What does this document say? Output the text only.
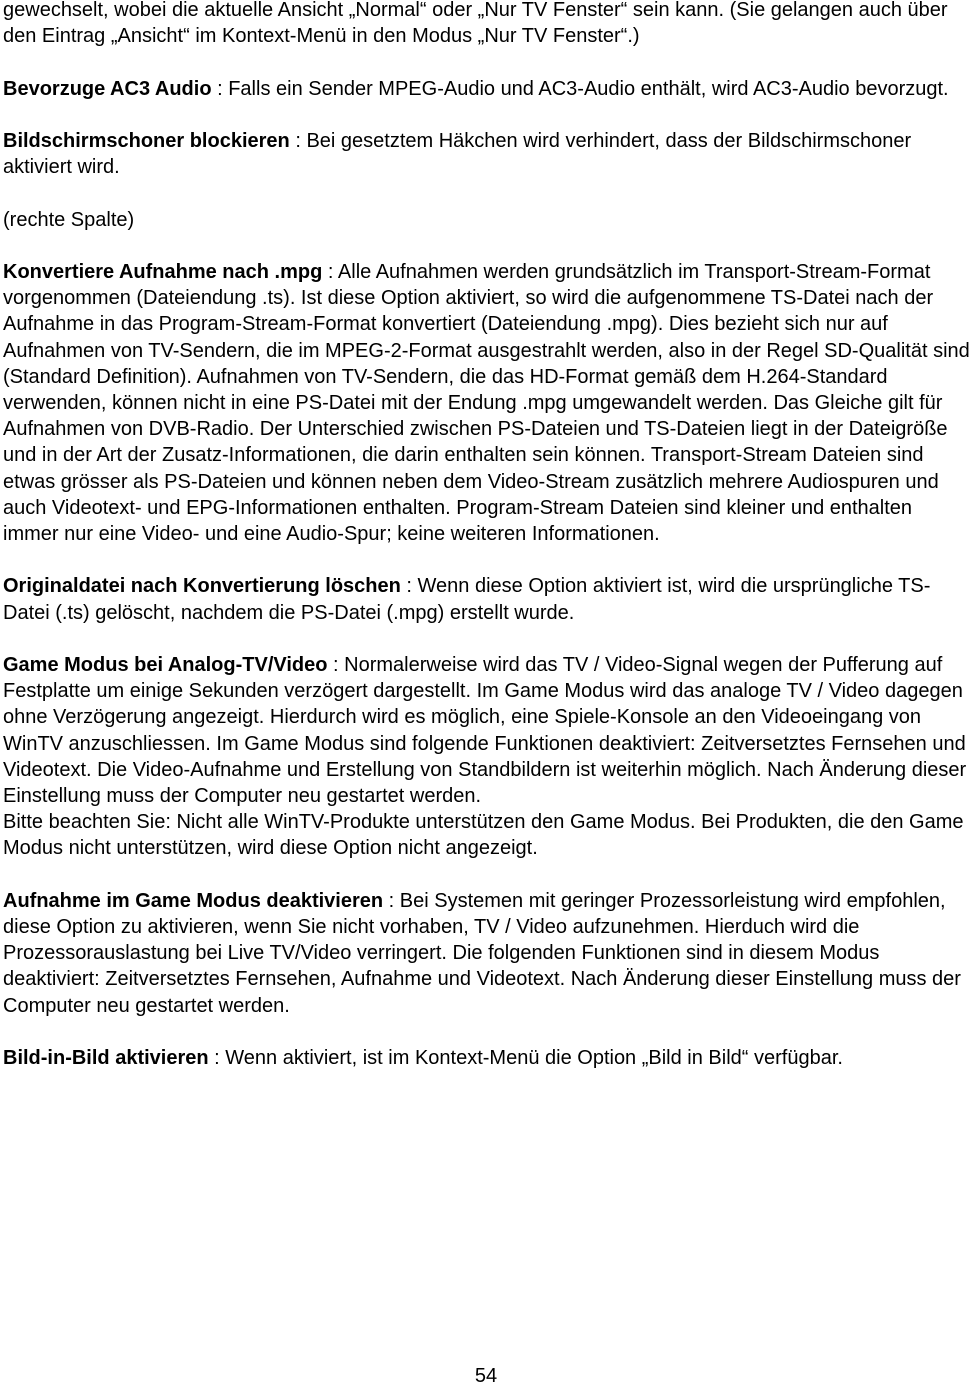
gewechselt, wobei die aktuelle Ansicht „Normal“ oder „Nur TV Fenster“ sein kann. (Sie gelangen auch über den Eintrag „Ansicht“ im Kontext-Menü in den Modus „Nur TV Fenster“.)

Bevorzuge AC3 Audio : Falls ein Sender MPEG-Audio und AC3-Audio enthält, wird AC3-Audio bevorzugt.

Bildschirmschoner blockieren : Bei gesetztem Häkchen wird verhindert, dass der Bildschirmschoner aktiviert wird.

(rechte Spalte)

Konvertiere Aufnahme nach .mpg : Alle Aufnahmen werden grundsätzlich im Transport-Stream-Format vorgenommen (Dateiendung .ts). Ist diese Option aktiviert, so wird die aufgenommene TS-Datei nach der Aufnahme in das Program-Stream-Format konvertiert (Dateiendung .mpg). Dies bezieht sich nur auf Aufnahmen von TV-Sendern, die im MPEG-2-Format ausgestrahlt werden, also in der Regel SD-Qualität sind (Standard Definition). Aufnahmen von TV-Sendern, die das HD-Format gemäß dem H.264-Standard verwenden, können nicht in eine PS-Datei mit der Endung .mpg umgewandelt werden. Das Gleiche gilt für Aufnahmen von DVB-Radio. Der Unterschied zwischen PS-Dateien und TS-Dateien liegt in der Dateigröße und in der Art der Zusatz-Informationen, die darin enthalten sein können. Transport-Stream Dateien sind etwas grösser als PS-Dateien und können neben dem Video-Stream zusätzlich mehrere Audiospuren und auch Videotext- und EPG-Informationen enthalten. Program-Stream Dateien sind kleiner und enthalten immer nur eine Video- und eine Audio-Spur; keine weiteren Informationen.

Originaldatei nach Konvertierung löschen : Wenn diese Option aktiviert ist, wird die ursprüngliche TS-Datei (.ts) gelöscht, nachdem die PS-Datei (.mpg) erstellt wurde.

Game Modus bei Analog-TV/Video : Normalerweise wird das TV / Video-Signal wegen der Pufferung auf Festplatte um einige Sekunden verzögert dargestellt. Im Game Modus wird das analoge TV / Video dagegen ohne Verzögerung angezeigt. Hierdurch wird es möglich, eine Spiele-Konsole an den Videoeingang von WinTV anzuschliessen. Im Game Modus sind folgende Funktionen deaktiviert: Zeitversetztes Fernsehen und Videotext. Die Video-Aufnahme und Erstellung von Standbildern ist weiterhin möglich. Nach Änderung dieser Einstellung muss der Computer neu gestartet werden.
Bitte beachten Sie: Nicht alle WinTV-Produkte unterstützen den Game Modus. Bei Produkten, die den Game Modus nicht unterstützen, wird diese Option nicht angezeigt.

Aufnahme im Game Modus deaktivieren : Bei Systemen mit geringer Prozessorleistung wird empfohlen, diese Option zu aktivieren, wenn Sie nicht vorhaben, TV / Video aufzunehmen. Hierduch wird die Prozessorauslastung bei Live TV/Video verringert. Die folgenden Funktionen sind in diesem Modus deaktiviert: Zeitversetztes Fernsehen, Aufnahme und Videotext. Nach Änderung dieser Einstellung muss der Computer neu gestartet werden.

Bild-in-Bild aktivieren : Wenn aktiviert, ist im Kontext-Menü die Option „Bild in Bild“ verfügbar.

54
